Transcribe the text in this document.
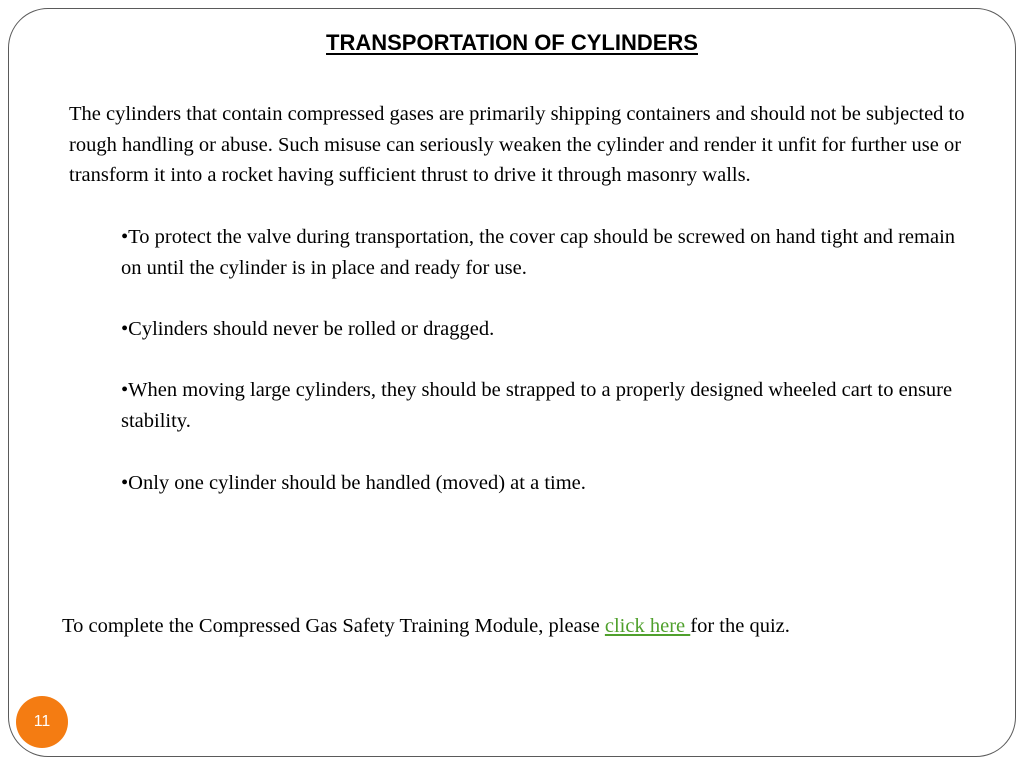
TRANSPORTATION OF CYLINDERS

The cylinders that contain compressed gases are primarily shipping containers and should not be subjected to rough handling or abuse. Such misuse can seriously weaken the cylinder and render it unfit for further use or transform it into a rocket having sufficient thrust to drive it through masonry walls.

•To protect the valve during transportation, the cover cap should be screwed on hand tight and remain on until the cylinder is in place and ready for use.
•Cylinders should never be rolled or dragged.
•When moving large cylinders, they should be strapped to a properly designed wheeled cart to ensure stability.
•Only one cylinder should be handled (moved) at a time.

To complete the Compressed Gas Safety Training Module, please click here for the quiz.

11
